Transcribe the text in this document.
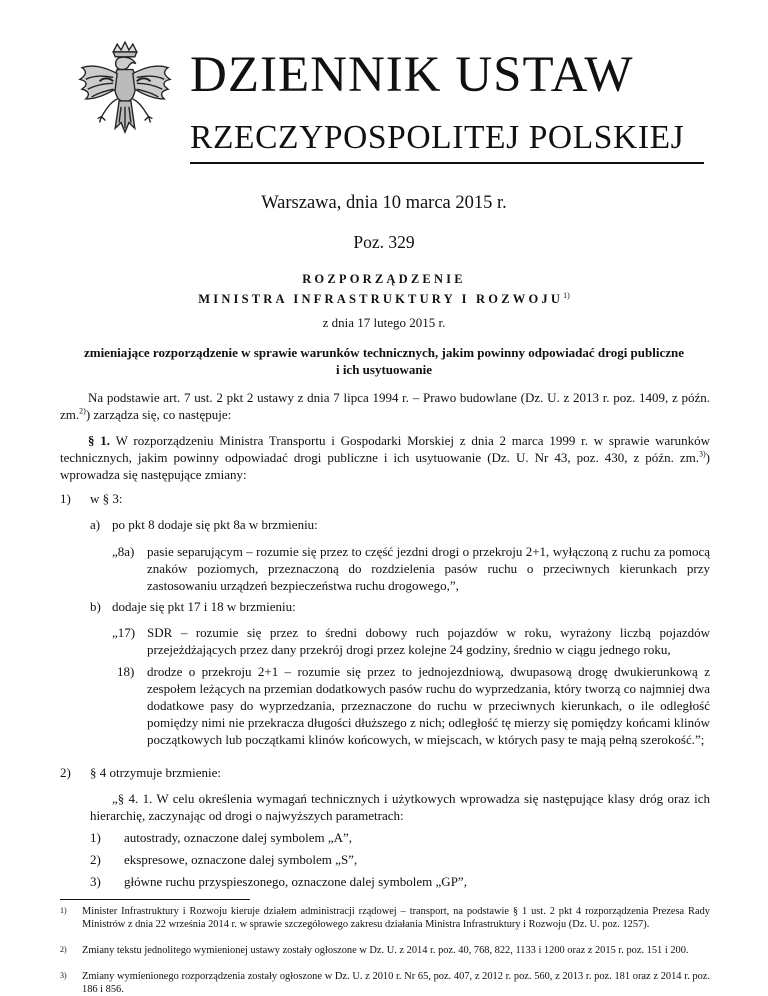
DZIENNIK USTAW
RZECZYPOSPOLITEJ POLSKIEJ
Warszawa, dnia 10 marca 2015 r.
Poz. 329
ROZPORZĄDZENIE
MINISTRA INFRASTRUKTURY I ROZWOJU$^{1)}$
z dnia 17 lutego 2015 r.
zmieniające rozporządzenie w sprawie warunków technicznych, jakim powinny odpowiadać drogi publiczne
i ich usytuowanie
Na podstawie art. 7 ust. 2 pkt 2 ustawy z dnia 7 lipca 1994 r. – Prawo budowlane (Dz. U. z 2013 r. poz. 1409, z późn. zm.$^{2)}$) zarządza się, co następuje:
§ 1. W rozporządzeniu Ministra Transportu i Gospodarki Morskiej z dnia 2 marca 1999 r. w sprawie warunków technicznych, jakim powinny odpowiadać drogi publiczne i ich usytuowanie (Dz. U. Nr 43, poz. 430, z późn. zm.$^{3)}$) wprowadza się następujące zmiany:
1) w § 3:
a) po pkt 8 dodaje się pkt 8a w brzmieniu:
„8a) pasie separującym – rozumie się przez to część jezdni drogi o przekroju 2+1, wyłączoną z ruchu za pomocą znaków poziomych, przeznaczoną do rozdzielenia pasów ruchu o przeciwnych kierunkach przy zastosowaniu urządzeń bezpieczeństwa ruchu drogowego,”,
b) dodaje się pkt 17 i 18 w brzmieniu:
„17) SDR – rozumie się przez to średni dobowy ruch pojazdów w roku, wyrażony liczbą pojazdów przejeżdżających przez dany przekrój drogi przez kolejne 24 godziny, średnio w ciągu jednego roku,
18) drodze o przekroju 2+1 – rozumie się przez to jednojezdniową, dwupasową drogę dwukierunkową z zespołem leżących na przemian dodatkowych pasów ruchu do wyprzedzania, który tworzą co najmniej dwa dodatkowe pasy do wyprzedzania, przeznaczone do ruchu w przeciwnych kierunkach, o ile odległość pomiędzy nimi nie przekracza długości dłuższego z nich; odległość tę mierzy się pomiędzy końcami klinów początkowych lub początkami klinów końcowych, w miejscach, w których pasy te mają pełną szerokość.”;
2) § 4 otrzymuje brzmienie:
„§ 4. 1. W celu określenia wymagań technicznych i użytkowych wprowadza się następujące klasy dróg oraz ich hierarchię, zaczynając od drogi o najwyższych parametrach:
1) autostrady, oznaczone dalej symbolem „A”,
2) ekspresowe, oznaczone dalej symbolem „S”,
3) główne ruchu przyspieszonego, oznaczone dalej symbolem „GP”,
1) Minister Infrastruktury i Rozwoju kieruje działem administracji rządowej – transport, na podstawie § 1 ust. 2 pkt 4 rozporządzenia Prezesa Rady Ministrów z dnia 22 września 2014 r. w sprawie szczegółowego zakresu działania Ministra Infrastruktury i Rozwoju (Dz. U. poz. 1257).
2) Zmiany tekstu jednolitego wymienionej ustawy zostały ogłoszone w Dz. U. z 2014 r. poz. 40, 768, 822, 1133 i 1200 oraz z 2015 r. poz. 151 i 200.
3) Zmiany wymienionego rozporządzenia zostały ogłoszone w Dz. U. z 2010 r. Nr 65, poz. 407, z 2012 r. poz. 560, z 2013 r. poz. 181 oraz z 2014 r. poz. 186 i 856.
